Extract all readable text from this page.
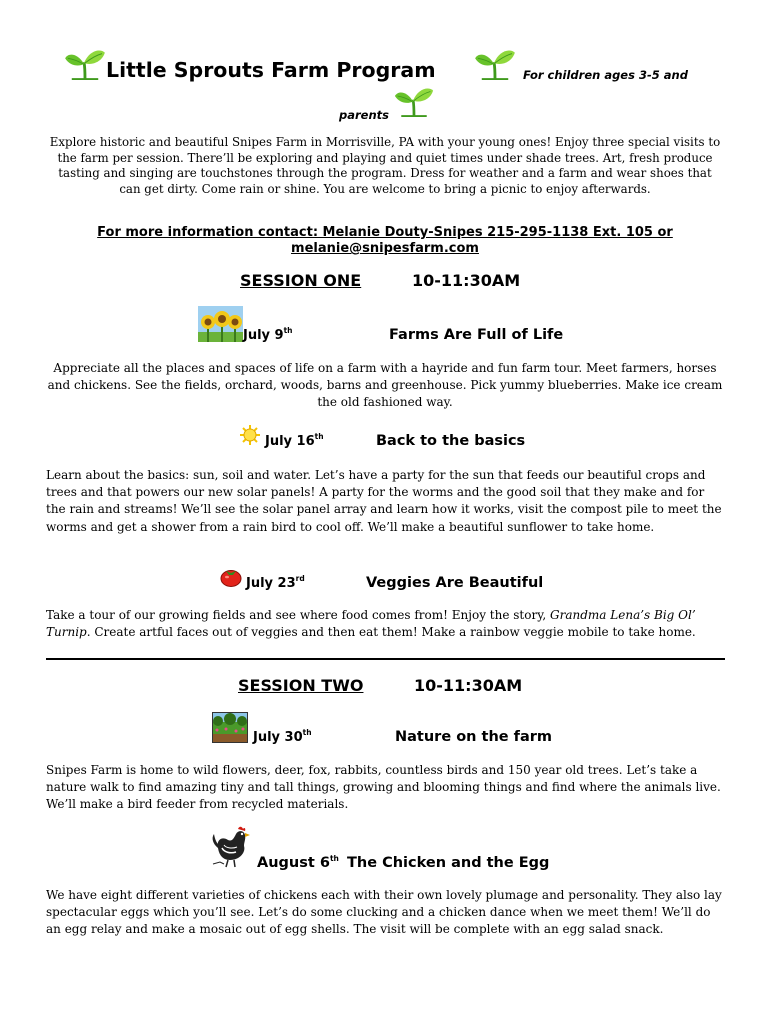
Little Sprouts Farm Program	For children ages 3-5 and
parents
Explore historic and beautiful Snipes Farm in Morrisville, PA with your young ones! Enjoy three special visits to the farm per session. There’ll be exploring and playing and quiet times under shade trees. Art, fresh produce tasting and singing are touchstones through the program. Dress for weather and a farm and wear shoes that can get dirty. Come rain or shine. You are welcome to bring a picnic to enjoy afterwards.
For more information contact: Melanie Douty-Snipes 215-295-1138 Ext. 105 or
melanie@snipesfarm.com
SESSION ONE	10-11:30AM
July 9th	Farms Are Full of Life
Appreciate all the places and spaces of life on a farm with a hayride and fun farm tour. Meet farmers, horses and chickens. See the fields, orchard, woods, barns and greenhouse. Pick yummy blueberries. Make ice cream the old fashioned way.
July 16th	Back to the basics
Learn about the basics: sun, soil and water. Let’s have a party for the sun that feeds our beautiful crops and trees and that powers our new solar panels! A party for the worms and the good soil that they make and for the rain and streams! We’ll see the solar panel array and learn how it works, visit the compost pile to meet the worms and get a shower from a rain bird to cool off. We’ll make a beautiful sunflower to take home.
July 23rd	Veggies Are Beautiful
Take a tour of our growing fields and see where food comes from! Enjoy the story, Grandma Lena’s Big Ol’ Turnip. Create artful faces out of veggies and then eat them! Make a rainbow veggie mobile to take home.
SESSION TWO	10-11:30AM
July 30th	Nature on the farm
Snipes Farm is home to wild flowers, deer, fox, rabbits, countless birds and 150 year old trees. Let’s take a nature walk to find amazing tiny and tall things, growing and blooming things and find where the animals live. We’ll make a bird feeder from recycled materials.
August 6th The Chicken and the Egg
We have eight different varieties of chickens each with their own lovely plumage and personality. They also lay spectacular eggs which you’ll see. Let’s do some clucking and a chicken dance when we meet them! We’ll do an egg relay and make a mosaic out of egg shells. The visit will be complete with an egg salad snack.
